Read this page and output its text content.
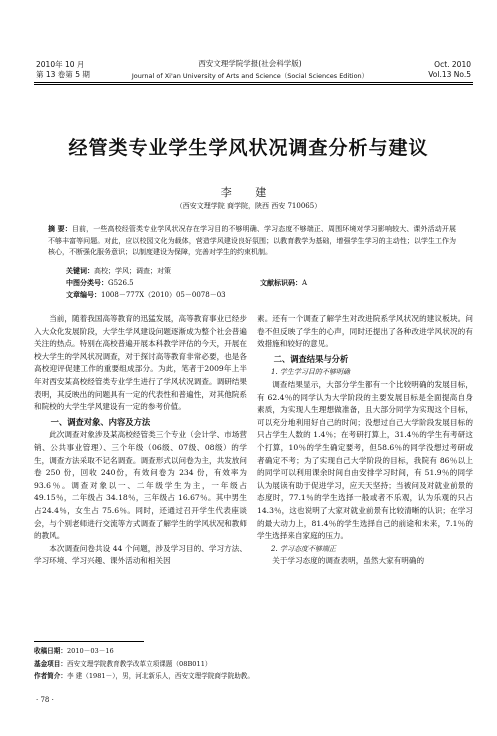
2010年 10 月
第 13 卷第 5 期
西安文理学院学报(社会科学版)
Journal of Xi'an University of Arts and Science（Social Sciences Edition）
Oct. 2010
Vol.13 No.5
经管类专业学生学风状况调查分析与建议
李 建
（西安文理学院 商学院，陕西 西安 710065）
摘 要：目前，一些高校经管类专业学风状况存在学习目的不够明确、学习态度不够端正、周围环境对学习影响较大、课外活动开展不够丰富等问题。对此，应以校园文化为载体，营造学风建设良好氛围；以教育教学为基础，增强学生学习的主动性；以学生工作为核心，不断强化服务意识；以制度建设为保障，完善对学生的约束机制。
关键词：高校；学风；调查；对策
中图分类号：G526.5	文献标识码：A
文章编号：1008－777X（2010）05－0078－03

当前，随着我国高等教育的迅猛发展，高等教育事业已经步入大众化发展阶段，大学生学风建设问题逐渐成为整个社会普遍关注的热点。特别在高校普遍开展本科教学评估的今天，开展在校大学生的学风状况调查，对于探讨高等教育非常必要，也是各高校迎评促建工作的重要组成部分。为此，笔者于2009年上半年对西安某高校经管类专业学生进行了学风状况调查。调研结果表明，其反映出的问题具有一定的代表性和普遍性，对其他院系和院校的大学生学风建设有一定的参考价值。

一、调查对象、内容及方法

此次调查对象涉及某高校经管类三个专业（会计学、市场营销、公共事业管理）、三个年级（06级、07级、08级）的学生，调查方法采取不记名调查。调查形式以问卷为主，共发放问卷 250 份，回收 240份，有效问卷为 234 份，有效率为 93.6％。调查对象以一、二年级学生为主，一年级占 49.15％，二年级占 34.18％，三年级占 16.67％。其中男生占24.4％，女生占 75.6％。同时，还通过召开学生代表座谈会，与个别老师进行交流等方式调查了解学生的学风状况和教师的教风。

本次调查问卷共设 44 个问题，涉及学习目的、学习方法、学习环境、学习兴趣、课外活动和相关因

素。还有一个调查了解学生对改进院系学风状况的建议板块。问卷不但反映了学生的心声，同时还提出了各种改进学风状况的有效措施和较好的意见。

二、调查结果与分析
1. 学生学习目的不够明确

调查结果显示，大部分学生都有一个比较明确的发展目标，有 62.4％的同学认为大学阶段的主要发展目标是全面提高自身素质，为实现人生理想做准备，且大部分同学为实现这个目标，可以充分地利用好自己的时间；没想过自己大学阶段发展目标的只占学生人数的 1.4％；在考研打算上，31.4％的学生有考研这个打算，10％的学生确定要考，但58.6％的同学没想过考研或者确定不考；为了实现自己大学阶段的目标，我院有 86％以上的同学可以利用课余时间自由安排学习时间，有 51.9％的同学认为展读有助于促进学习，应天天坚持；当被问及对就业前景的态度时，77.1％的学生选择一般或者不乐观，认为乐观的只占 14.3％，这也说明了大家对就业前景有比较清晰的认识；在学习的最大动力上，81.4％的学生选择自己的前途和未来，7.1％的学生选择来自家庭的压力。

2. 学习态度不够端正

关于学习态度的调查表明，虽然大家有明确的

收稿日期：2010－03－16
基金项目：西安文理学院教育教学改革立项课题（08B011）
作者简介：李 建（1981－），男，河北新乐人，西安文理学院商学院助教。
· 78 ·
